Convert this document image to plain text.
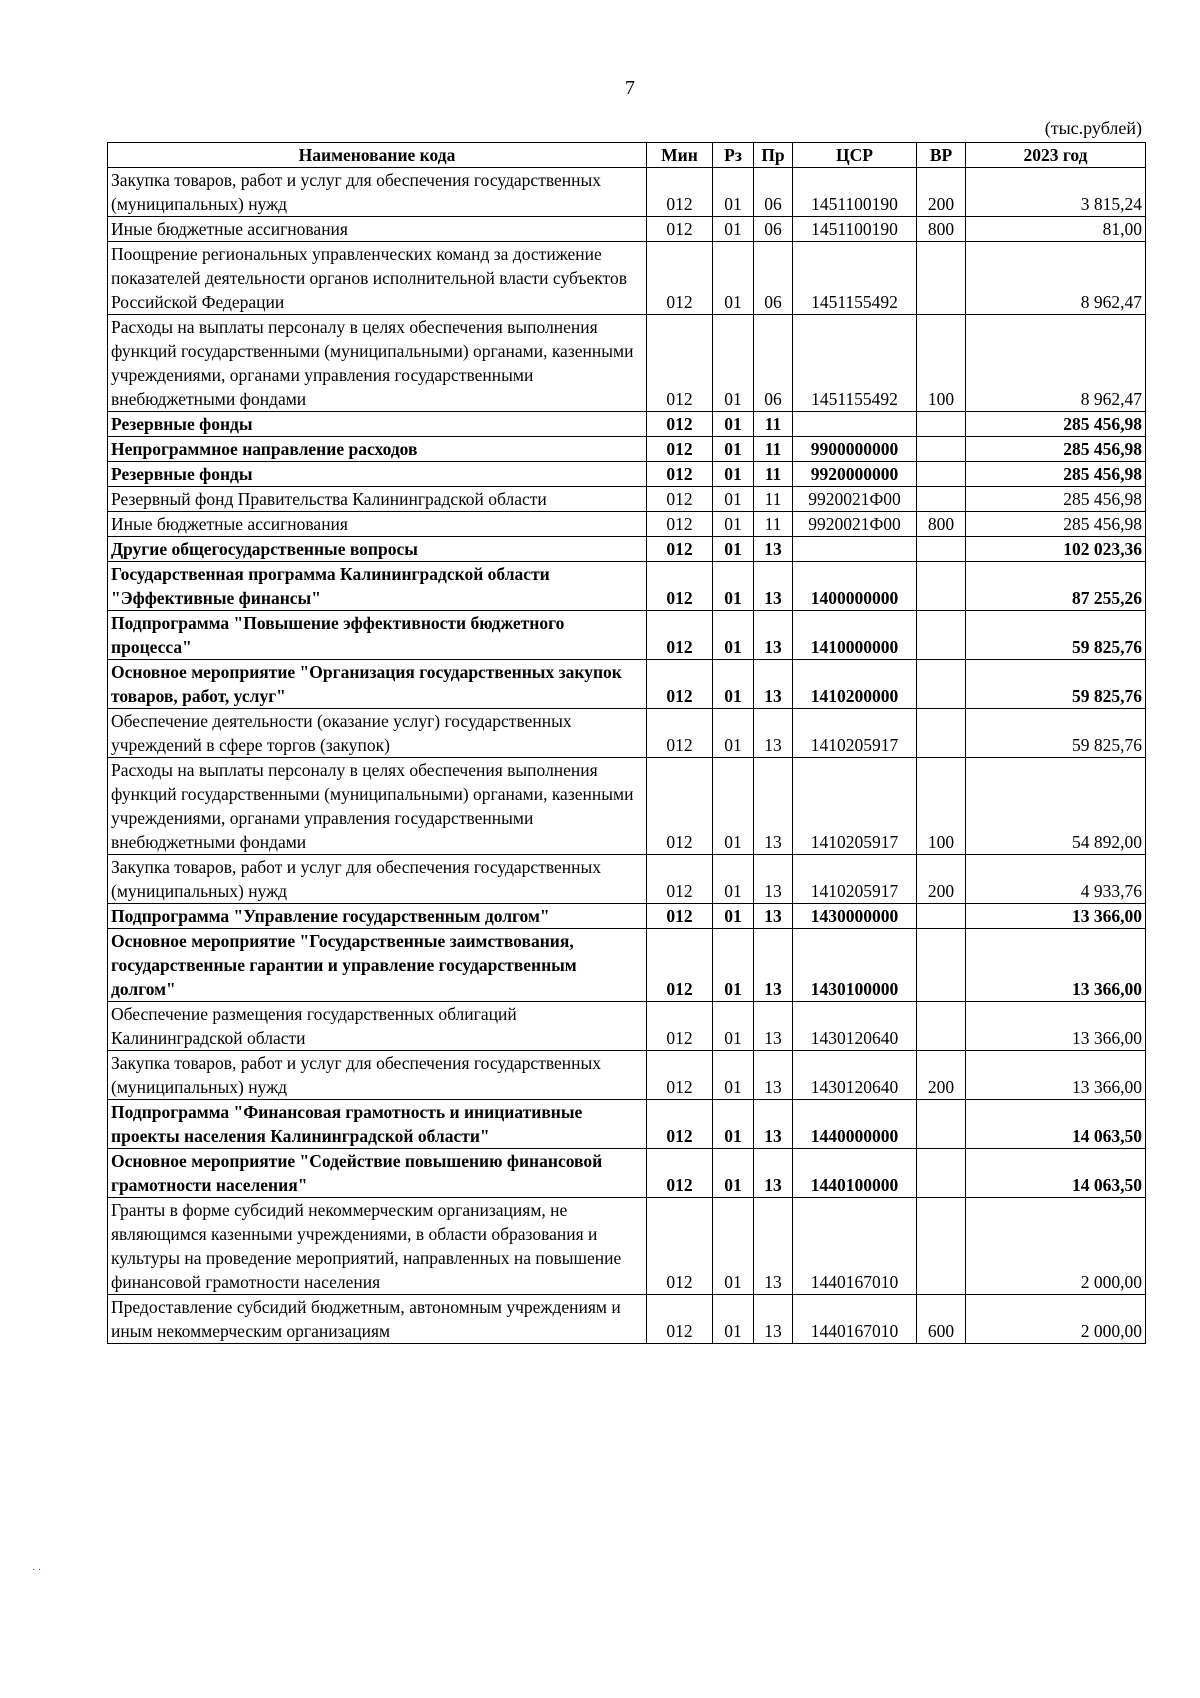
7
(тыс.рублей)
Наименование кода	Мин	Рз	Пр	ЦСР	ВР	2023 год
Закупка товаров, работ и услуг для обеспечения государственных (муниципальных) нужд	012	01	06	1451100190	200	3 815,24
Иные бюджетные ассигнования	012	01	06	1451100190	800	81,00
Поощрение региональных управленческих команд за достижение показателей деятельности органов исполнительной власти субъектов Российской Федерации	012	01	06	1451155492		8 962,47
Расходы на выплаты персоналу в целях обеспечения выполнения функций государственными (муниципальными) органами, казенными учреждениями, органами управления государственными внебюджетными фондами	012	01	06	1451155492	100	8 962,47
Резервные фонды	012	01	11			285 456,98
Непрограммное направление расходов	012	01	11	9900000000		285 456,98
Резервные фонды	012	01	11	9920000000		285 456,98
Резервный фонд Правительства Калининградской области	012	01	11	9920021Ф00		285 456,98
Иные бюджетные ассигнования	012	01	11	9920021Ф00	800	285 456,98
Другие общегосударственные вопросы	012	01	13			102 023,36
Государственная программа Калининградской области "Эффективные финансы"	012	01	13	1400000000		87 255,26
Подпрограмма "Повышение эффективности бюджетного процесса"	012	01	13	1410000000		59 825,76
Основное мероприятие "Организация государственных закупок товаров, работ, услуг"	012	01	13	1410200000		59 825,76
Обеспечение деятельности (оказание услуг) государственных учреждений в сфере торгов (закупок)	012	01	13	1410205917		59 825,76
Расходы на выплаты персоналу в целях обеспечения выполнения функций государственными (муниципальными) органами, казенными учреждениями, органами управления государственными внебюджетными фондами	012	01	13	1410205917	100	54 892,00
Закупка товаров, работ и услуг для обеспечения государственных (муниципальных) нужд	012	01	13	1410205917	200	4 933,76
Подпрограмма "Управление государственным долгом"	012	01	13	1430000000		13 366,00
Основное мероприятие "Государственные заимствования, государственные гарантии и управление государственным долгом"	012	01	13	1430100000		13 366,00
Обеспечение размещения государственных облигаций Калининградской области	012	01	13	1430120640		13 366,00
Закупка товаров, работ и услуг для обеспечения государственных (муниципальных) нужд	012	01	13	1430120640	200	13 366,00
Подпрограмма "Финансовая грамотность и инициативные проекты населения Калининградской области"	012	01	13	1440000000		14 063,50
Основное мероприятие "Содействие повышению финансовой грамотности населения"	012	01	13	1440100000		14 063,50
Гранты в форме субсидий некоммерческим организациям, не являющимся казенными учреждениями, в области образования и культуры на проведение мероприятий, направленных на повышение финансовой грамотности населения	012	01	13	1440167010		2 000,00
Предоставление субсидий бюджетным, автономным учреждениям и иным некоммерческим организациям	012	01	13	1440167010	600	2 000,00
· ·
